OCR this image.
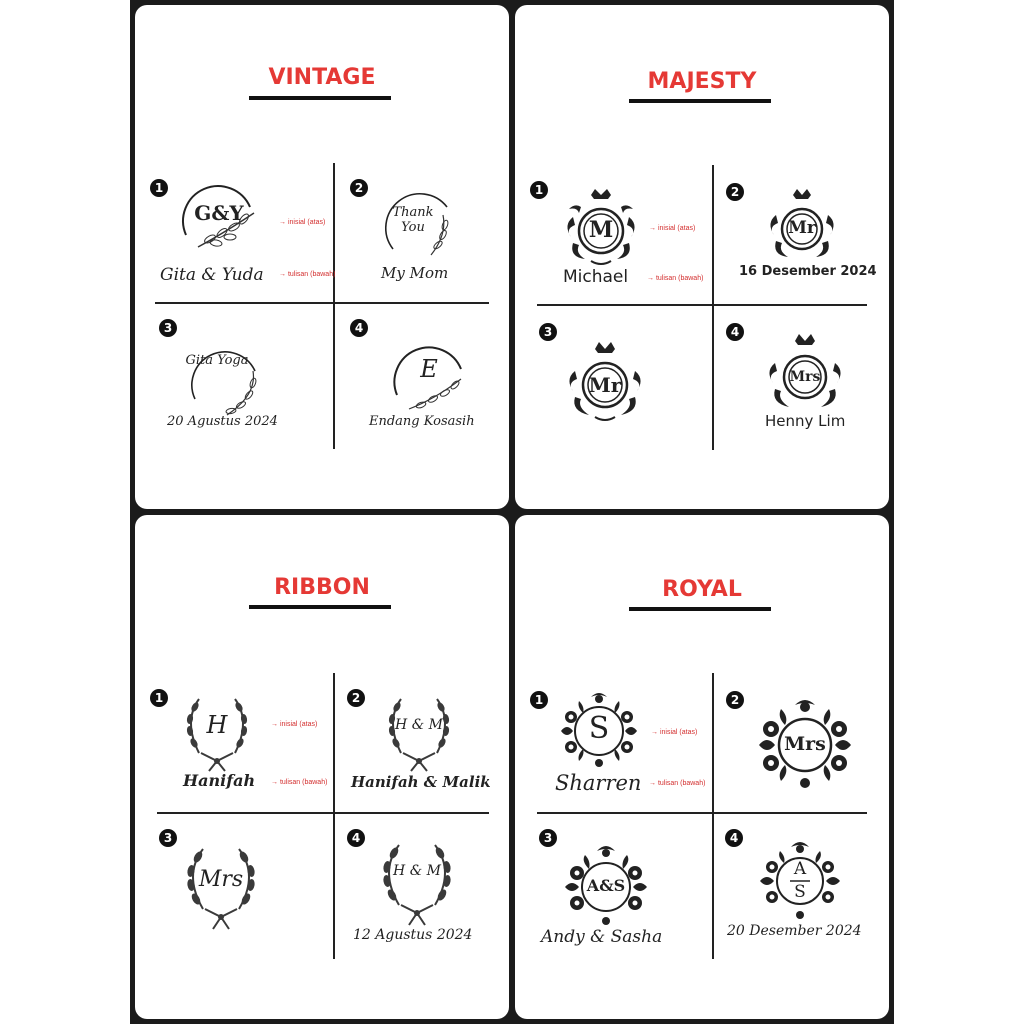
VINTAGE
1
G&Y	→ inisial (atas)
Gita & Yuda → tulisan (bawah)
2
Thank You
My Mom
3
Gita Yoga
20 Agustus 2024
4
E
Endang Kosasih
MAJESTY
1
M	→ inisial (atas)
Michael	→ tulisan (bawah)
2
Mr
16 Desember 2024
3
Mr
4
Mrs
Henny Lim
RIBBON
1
H	→ inisial (atas)
Hanifah → tulisan (bawah)
2
H & M
Hanifah & Malik
3
Mrs
4
H & M
12 Agustus 2024
ROYAL
1
S	→ inisial (atas)
Sharren → tulisan (bawah)
2
Mrs
3
A&S
Andy & Sasha
4
A
S
20 Desember 2024
